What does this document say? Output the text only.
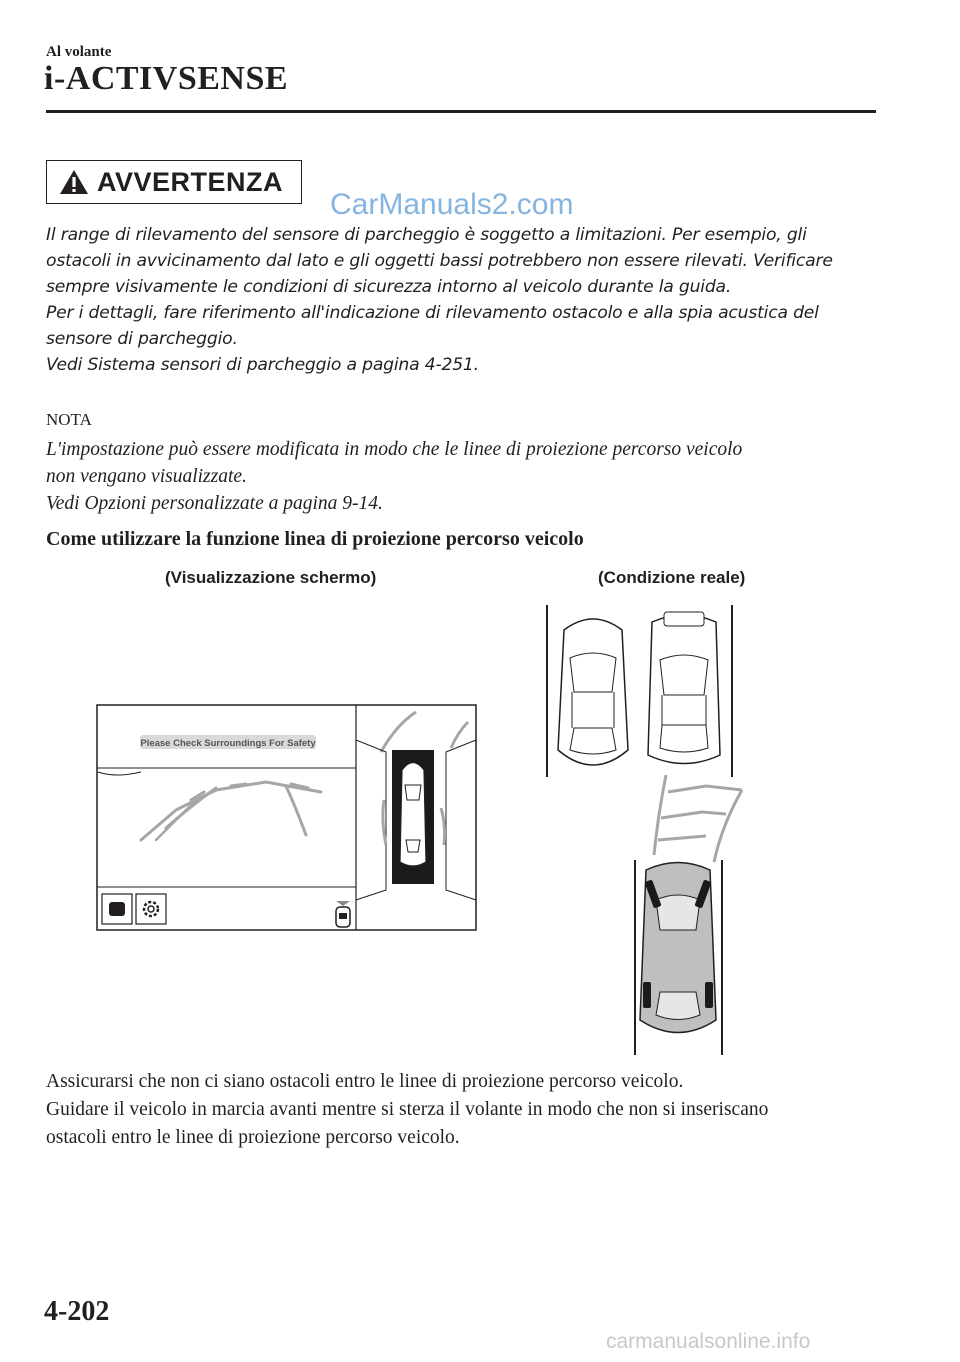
Al volante
i-ACTIVSENSE
AVVERTENZA
CarManuals2.com
Il range di rilevamento del sensore di parcheggio è soggetto a limitazioni. Per esempio, gli
ostacoli in avvicinamento dal lato e gli oggetti bassi potrebbero non essere rilevati. Verificare
sempre visivamente le condizioni di sicurezza intorno al veicolo durante la guida.
Per i dettagli, fare riferimento all'indicazione di rilevamento ostacolo e alla spia acustica del
sensore di parcheggio.
Vedi Sistema sensori di parcheggio a pagina 4-251.
NOTA
L'impostazione può essere modificata in modo che le linee di proiezione percorso veicolo
non vengano visualizzate.
Vedi Opzioni personalizzate a pagina 9-14.
Come utilizzare la funzione linea di proiezione percorso veicolo
(Visualizzazione schermo)	(Condizione reale)
Please Check Surroundings For Safety
Assicurarsi che non ci siano ostacoli entro le linee di proiezione percorso veicolo.
Guidare il veicolo in marcia avanti mentre si sterza il volante in modo che non si inseriscano
ostacoli entro le linee di proiezione percorso veicolo.
4-202
carmanualsonline.info
